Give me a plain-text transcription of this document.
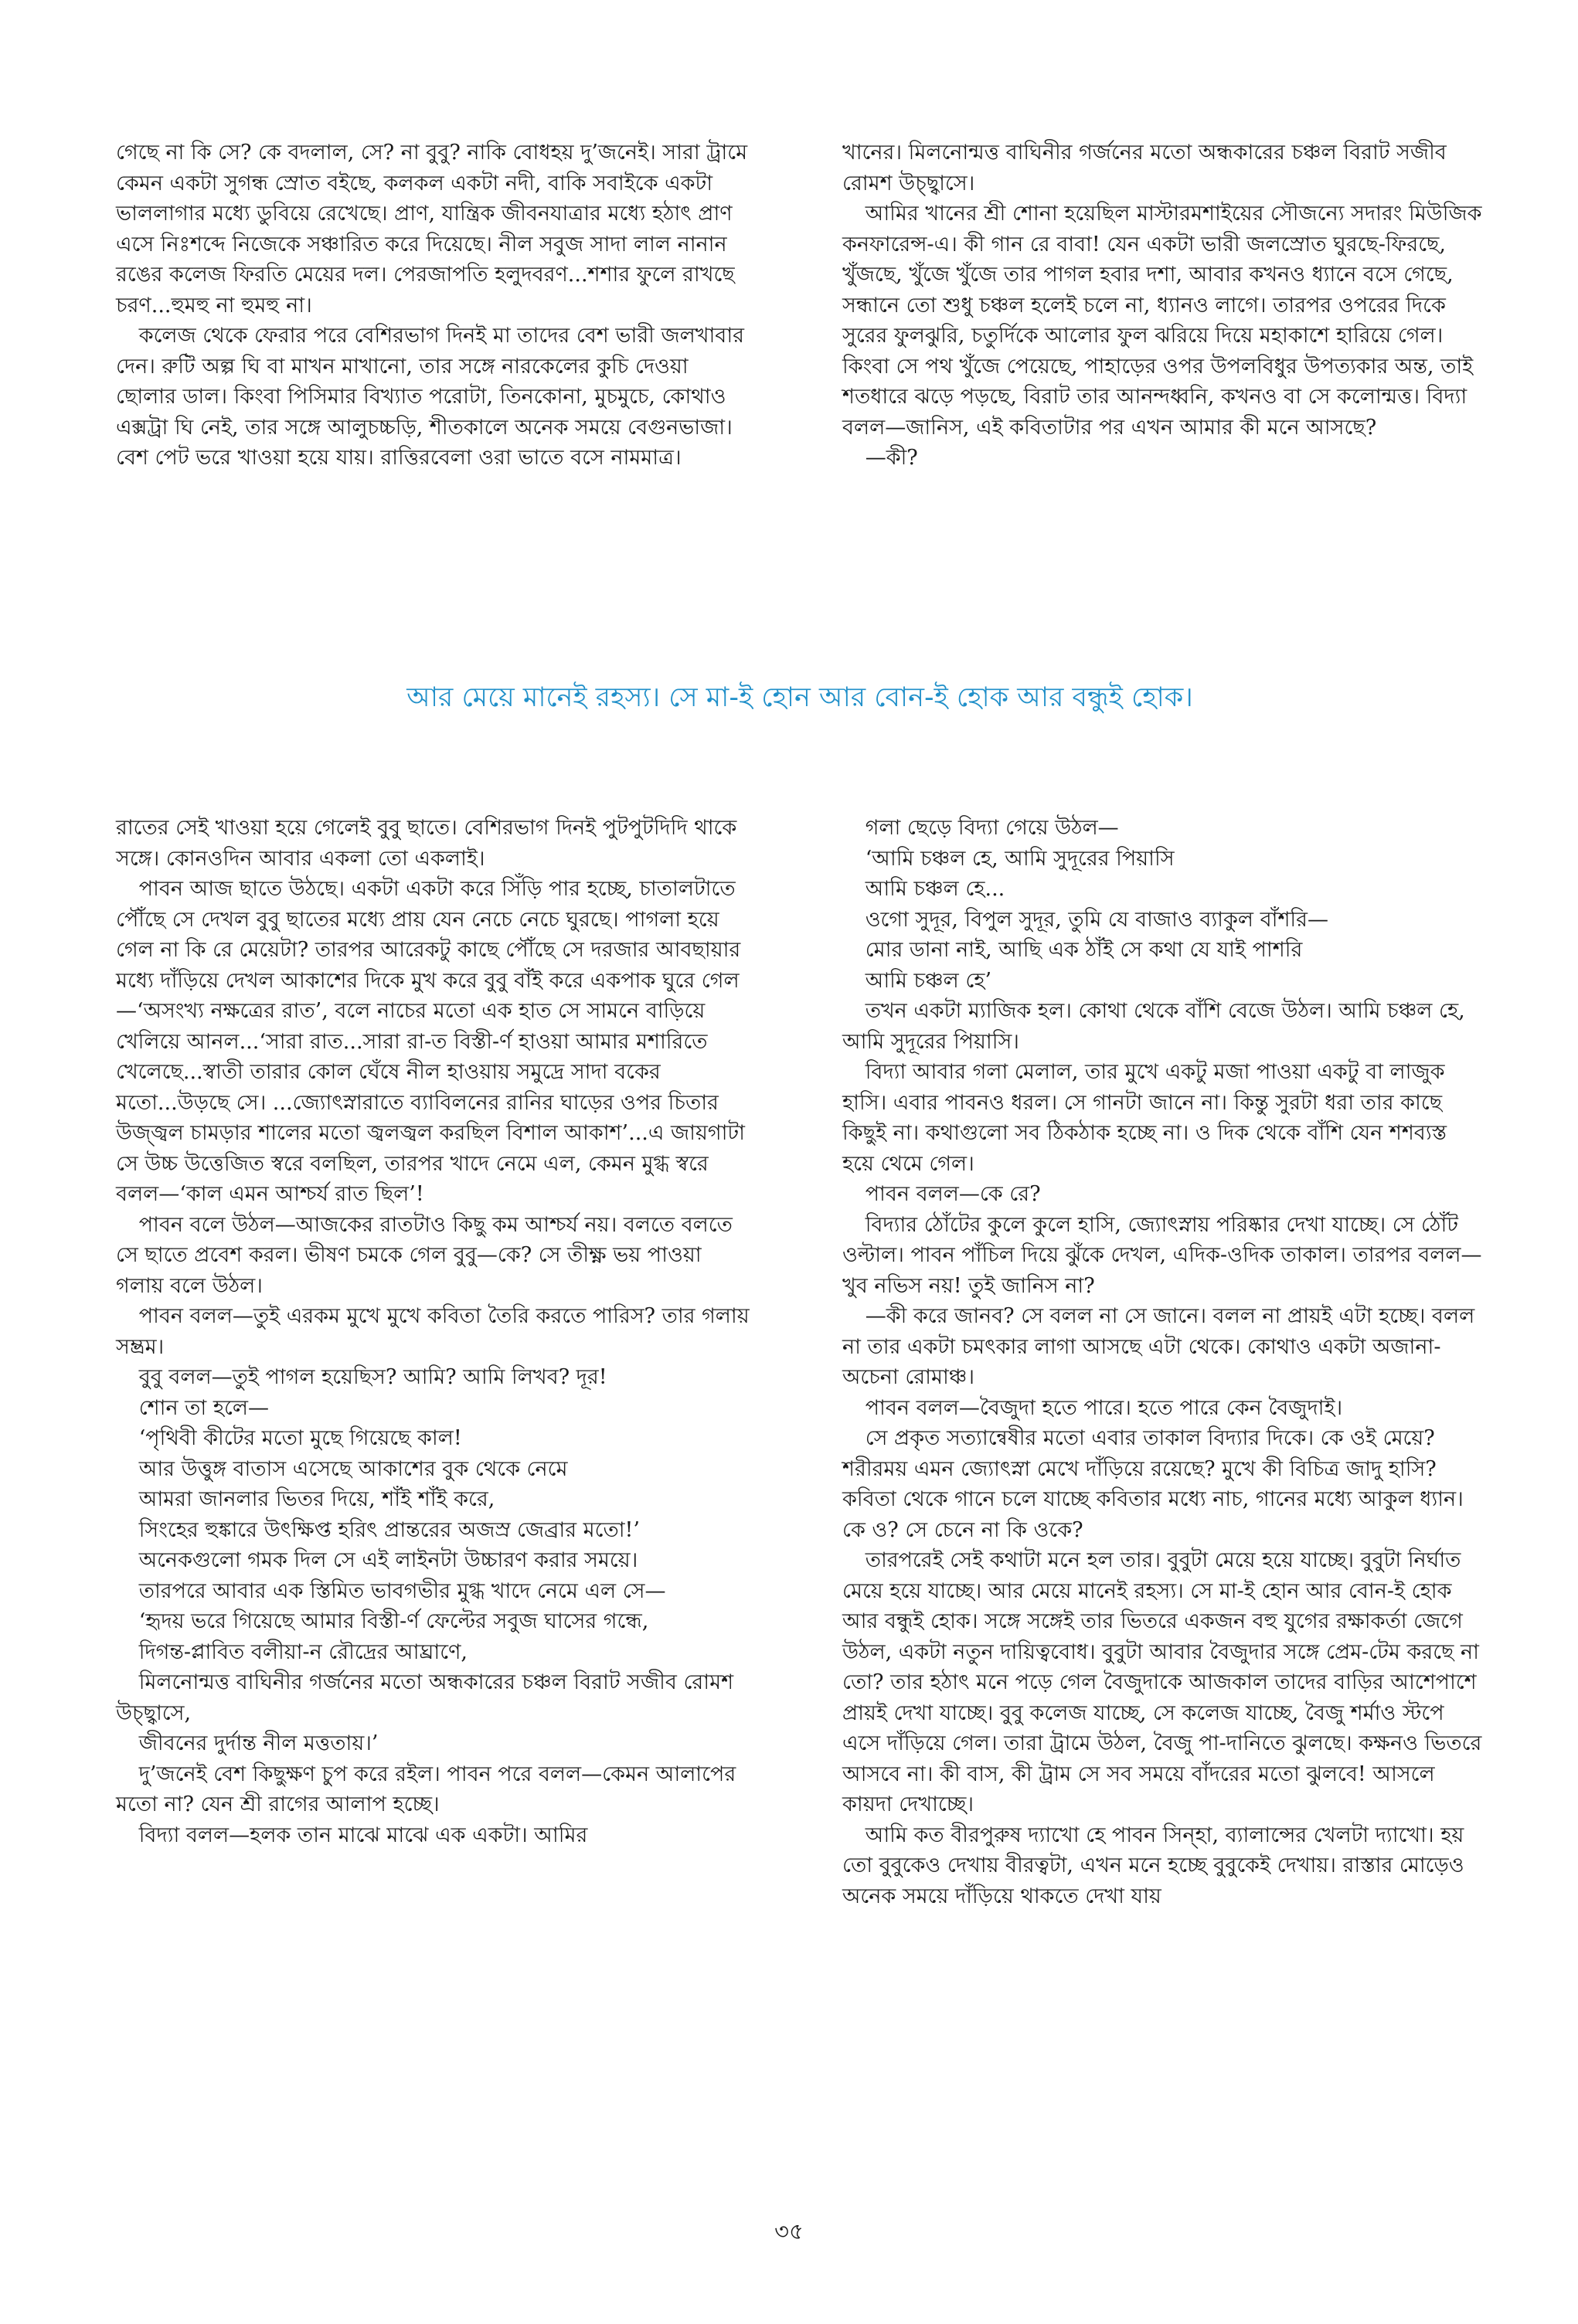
গেছে না কি সে? কে বদলাল, সে? না বুবু? নাকি বোধহয় দু’জনেই। সারা ট্রামে কেমন একটা সুগন্ধ স্রোত বইছে, কলকল একটা নদী, বাকি সবাইকে একটা ভাললাগার মধ্যে ডুবিয়ে রেখেছে। প্রাণ, যান্ত্রিক জীবনযাত্রার মধ্যে হঠাৎ প্রাণ এসে নিঃশব্দে নিজেকে সঞ্চারিত করে দিয়েছে। নীল সবুজ সাদা লাল নানান রঙের কলেজ ফিরতি মেয়ের দল। পেরজাপতি হলুদবরণ...শশার ফুলে রাখছে চরণ...হুমহু না হুমহু না।

কলেজ থেকে ফেরার পরে বেশিরভাগ দিনই মা তাদের বেশ ভারী জলখাবার দেন। রুটি অল্প ঘি বা মাখন মাখানো, তার সঙ্গে নারকেলের কুচি দেওয়া ছোলার ডাল। কিংবা পিসিমার বিখ্যাত পরোটা, তিনকোনা, মুচমুচে, কোথাও এক্সট্রা ঘি নেই, তার সঙ্গে আলুচচ্চড়ি, শীতকালে অনেক সময়ে বেগুনভাজা। বেশ পেট ভরে খাওয়া হয়ে যায়। রাত্তিরবেলা ওরা ভাতে বসে নামমাত্র।

খানের। মিলনোন্মত্ত বাঘিনীর গর্জনের মতো অন্ধকারের চঞ্চল বিরাট সজীব রোমশ উচ্ছ্বাসে।

আমির খানের শ্রী শোনা হয়েছিল মাস্টারমশাইয়ের সৌজন্যে সদারং মিউজিক কনফারেন্স-এ। কী গান রে বাবা! যেন একটা ভারী জলস্রোত ঘুরছে-ফিরছে, খুঁজছে, খুঁজে খুঁজে তার পাগল হবার দশা, আবার কখনও ধ্যানে বসে গেছে, সন্ধানে তো শুধু চঞ্চল হলেই চলে না, ধ্যানও লাগে। তারপর ওপরের দিকে সুরের ফুলঝুরি, চতুর্দিকে আলোর ফুল ঝরিয়ে দিয়ে মহাকাশে হারিয়ে গেল। কিংবা সে পথ খুঁজে পেয়েছে, পাহাড়ের ওপর উপলবিধুর উপত্যকার অন্ত, তাই শতধারে ঝড়ে পড়ছে, বিরাট তার আনন্দধ্বনি, কখনও বা সে কলোন্মত্ত। বিদ্যা বলল—জানিস, এই কবিতাটার পর এখন আমার কী মনে আসছে?

—কী?

আর মেয়ে মানেই রহস্য। সে মা-ই হোন আর বোন-ই হোক আর বন্ধুই হোক।

রাতের সেই খাওয়া হয়ে গেলেই বুবু ছাতে। বেশিরভাগ দিনই পুটপুটদিদি থাকে সঙ্গে। কোনওদিন আবার একলা তো একলাই।

পাবন আজ ছাতে উঠছে। একটা একটা করে সিঁড়ি পার হচ্ছে, চাতালটাতে পৌঁছে সে দেখল বুবু ছাতের মধ্যে প্রায় যেন নেচে নেচে ঘুরছে। পাগলা হয়ে গেল না কি রে মেয়েটা? তারপর আরেকটু কাছে পৌঁছে সে দরজার আবছায়ার মধ্যে দাঁড়িয়ে দেখল আকাশের দিকে মুখ করে বুবু বাঁই করে একপাক ঘুরে গেল—‘অসংখ্য নক্ষত্রের রাত’, বলে নাচের মতো এক হাত সে সামনে বাড়িয়ে খেলিয়ে আনল...‘সারা রাত...সারা রা-ত বিস্তী-র্ণ হাওয়া আমার মশারিতে খেলেছে...স্বাতী তারার কোল ঘেঁষে নীল হাওয়ায় সমুদ্রে সাদা বকের মতো...উড়ছে সে। ...জ্যোৎস্নারাতে ব্যাবিলনের রানির ঘাড়ের ওপর চিতার উজ্জ্বল চামড়ার শালের মতো জ্বলজ্বল করছিল বিশাল আকাশ’...এ জায়গাটা সে উচ্চ উত্তেজিত স্বরে বলছিল, তারপর খাদে নেমে এল, কেমন মুগ্ধ স্বরে বলল—‘কাল এমন আশ্চর্য রাত ছিল’!

পাবন বলে উঠল—আজকের রাতটাও কিছু কম আশ্চর্য নয়। বলতে বলতে সে ছাতে প্রবেশ করল। ভীষণ চমকে গেল বুবু—কে? সে তীক্ষ্ণ ভয় পাওয়া গলায় বলে উঠল।

পাবন বলল—তুই এরকম মুখে মুখে কবিতা তৈরি করতে পারিস? তার গলায় সম্ভ্রম।

বুবু বলল—তুই পাগল হয়েছিস? আমি? আমি লিখব? দূর!

শোন তা হলে—

‘পৃথিবী কীটের মতো মুছে গিয়েছে কাল!

আর উত্তুঙ্গ বাতাস এসেছে আকাশের বুক থেকে নেমে

আমরা জানলার ভিতর দিয়ে, শাঁই শাঁই করে,

সিংহের হুঙ্কারে উৎক্ষিপ্ত হরিৎ প্রান্তরের অজস্র জেব্রার মতো!’

অনেকগুলো গমক দিল সে এই লাইনটা উচ্চারণ করার সময়ে।

তারপরে আবার এক স্তিমিত ভাবগভীর মুগ্ধ খাদে নেমে এল সে—

‘হৃদয় ভরে গিয়েছে আমার বিস্তী-র্ণ ফেল্টের সবুজ ঘাসের গন্ধে,

দিগন্ত-প্লাবিত বলীয়া-ন রৌদ্রের আঘ্রাণে,

মিলনোন্মত্ত বাঘিনীর গর্জনের মতো অন্ধকারের চঞ্চল বিরাট সজীব রোমশ উচ্ছ্বাসে,

জীবনের দুর্দান্ত নীল মত্ততায়।’

দু’জনেই বেশ কিছুক্ষণ চুপ করে রইল। পাবন পরে বলল—কেমন আলাপের মতো না? যেন শ্রী রাগের আলাপ হচ্ছে।

বিদ্যা বলল—হলক তান মাঝে মাঝে এক একটা। আমির

গলা ছেড়ে বিদ্যা গেয়ে উঠল—

‘আমি চঞ্চল হে, আমি সুদূরের পিয়াসি

আমি চঞ্চল হে...

ওগো সুদূর, বিপুল সুদূর, তুমি যে বাজাও ব্যাকুল বাঁশরি—

মোর ডানা নাই, আছি এক ঠাঁই সে কথা যে যাই পাশরি

আমি চঞ্চল হে’

তখন একটা ম্যাজিক হল। কোথা থেকে বাঁশি বেজে উঠল। আমি চঞ্চল হে, আমি সুদূরের পিয়াসি।

বিদ্যা আবার গলা মেলাল, তার মুখে একটু মজা পাওয়া একটু বা লাজুক হাসি। এবার পাবনও ধরল। সে গানটা জানে না। কিন্তু সুরটা ধরা তার কাছে কিছুই না। কথাগুলো সব ঠিকঠাক হচ্ছে না। ও দিক থেকে বাঁশি যেন শশব্যস্ত হয়ে থেমে গেল।

পাবন বলল—কে রে?

বিদ্যার ঠোঁটের কুলে কুলে হাসি, জ্যোৎস্নায় পরিষ্কার দেখা যাচ্ছে। সে ঠোঁট ওল্টাল। পাবন পাঁচিল দিয়ে ঝুঁকে দেখল, এদিক-ওদিক তাকাল। তারপর বলল—খুব নভিস নয়! তুই জানিস না?

—কী করে জানব? সে বলল না সে জানে। বলল না প্রায়ই এটা হচ্ছে। বলল না তার একটা চমৎকার লাগা আসছে এটা থেকে। কোথাও একটা অজানা-অচেনা রোমাঞ্চ।

পাবন বলল—বৈজুদা হতে পারে। হতে পারে কেন বৈজুদাই।

সে প্রকৃত সত্যান্বেষীর মতো এবার তাকাল বিদ্যার দিকে। কে ওই মেয়ে? শরীরময় এমন জ্যোৎস্না মেখে দাঁড়িয়ে রয়েছে? মুখে কী বিচিত্র জাদু হাসি? কবিতা থেকে গানে চলে যাচ্ছে কবিতার মধ্যে নাচ, গানের মধ্যে আকুল ধ্যান। কে ও? সে চেনে না কি ওকে?

তারপরেই সেই কথাটা মনে হল তার। বুবুটা মেয়ে হয়ে যাচ্ছে। বুবুটা নির্ঘাত মেয়ে হয়ে যাচ্ছে। আর মেয়ে মানেই রহস্য। সে মা-ই হোন আর বোন-ই হোক আর বন্ধুই হোক। সঙ্গে সঙ্গেই তার ভিতরে একজন বহু যুগের রক্ষাকর্তা জেগে উঠল, একটা নতুন দায়িত্ববোধ। বুবুটা আবার বৈজুদার সঙ্গে প্রেম-টেম করছে না তো? তার হঠাৎ মনে পড়ে গেল বৈজুদাকে আজকাল তাদের বাড়ির আশেপাশে প্রায়ই দেখা যাচ্ছে। বুবু কলেজ যাচ্ছে, সে কলেজ যাচ্ছে, বৈজু শর্মাও স্টপে এসে দাঁড়িয়ে গেল। তারা ট্রামে উঠল, বৈজু পা-দানিতে ঝুলছে। কক্ষনও ভিতরে আসবে না। কী বাস, কী ট্রাম সে সব সময়ে বাঁদরের মতো ঝুলবে! আসলে কায়দা দেখাচ্ছে।

আমি কত বীরপুরুষ দ্যাখো হে পাবন সিন্হা, ব্যালান্সের খেলটা দ্যাখো। হয় তো বুবুকেও দেখায় বীরত্বটা, এখন মনে হচ্ছে বুবুকেই দেখায়। রাস্তার মোড়েও অনেক সময়ে দাঁড়িয়ে থাকতে দেখা যায়

৩৫
